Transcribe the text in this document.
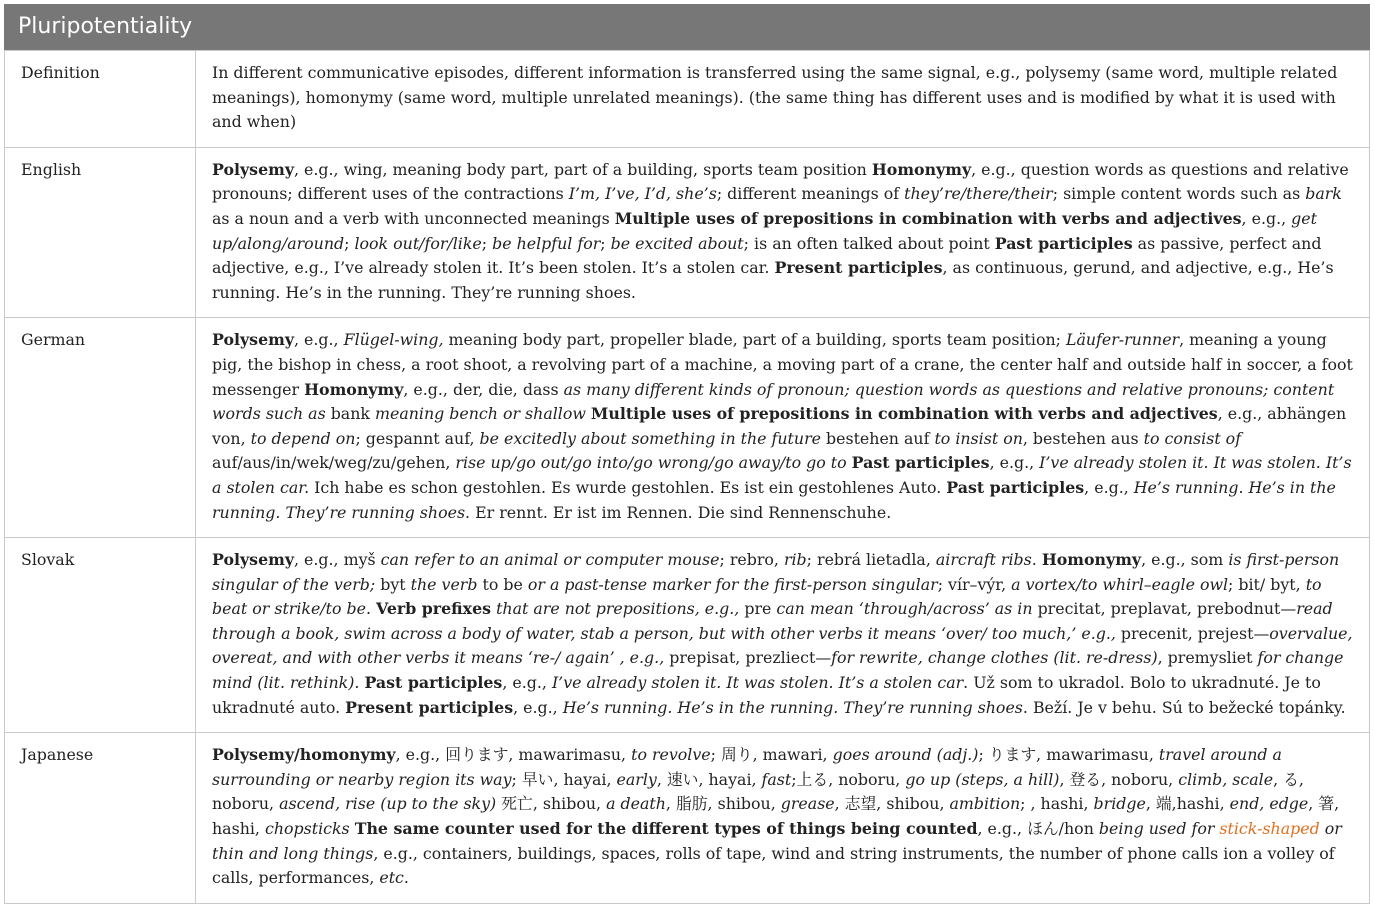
Pluripotentiality
Definition	In different communicative episodes, different information is transferred using the same signal, e.g., polysemy (same word, multiple related meanings), homonymy (same word, multiple unrelated meanings). (the same thing has different uses and is modified by what it is used with and when)
English	Polysemy, e.g., wing, meaning body part, part of a building, sports team position Homonymy, e.g., question words as questions and relative pronouns; different uses of the contractions I’m, I’ve, I’d, she’s; different meanings of they’re/there/their; simple content words such as bark as a noun and a verb with unconnected meanings Multiple uses of prepositions in combination with verbs and adjectives, e.g., get up/along/around; look out/for/like; be helpful for; be excited about; is an often talked about point Past participles as passive, perfect and adjective, e.g., I’ve already stolen it. It’s been stolen. It’s a stolen car. Present participles, as continuous, gerund, and adjective, e.g., He’s running. He’s in the running. They’re running shoes.
German	Polysemy, e.g., Flügel-wing, meaning body part, propeller blade, part of a building, sports team position; Läufer-runner, meaning a young pig, the bishop in chess, a root shoot, a revolving part of a machine, a moving part of a crane, the center half and outside half in soccer, a foot messenger Homonymy, e.g., der, die, dass as many different kinds of pronoun; question words as questions and relative pronouns; content words such as bank meaning bench or shallow Multiple uses of prepositions in combination with verbs and adjectives, e.g., abhängen von, to depend on; gespannt auf, be excitedly about something in the future bestehen auf to insist on, bestehen aus to consist of auf/aus/in/wek/weg/zu/gehen, rise up/go out/go into/go wrong/go away/to go to Past participles, e.g., I’ve already stolen it. It was stolen. It’s a stolen car. Ich habe es schon gestohlen. Es wurde gestohlen. Es ist ein gestohlenes Auto. Past participles, e.g., He’s running. He’s in the running. They’re running shoes. Er rennt. Er ist im Rennen. Die sind Rennenschuhe.
Slovak	Polysemy, e.g., myš can refer to an animal or computer mouse; rebro, rib; rebrá lietadla, aircraft ribs. Homonymy, e.g., som is first-person singular of the verb; byt the verb to be or a past-tense marker for the first-person singular; vír–výr, a vortex/to whirl–eagle owl; bit/ byt, to beat or strike/to be. Verb prefixes that are not prepositions, e.g., pre can mean ‘through/across’ as in precitat, preplavat, prebodnut—read through a book, swim across a body of water, stab a person, but with other verbs it means ‘over/ too much,’ e.g., precenit, prejest—overvalue, overeat, and with other verbs it means ‘re-/ again’ , e.g., prepisat, prezliect—for rewrite, change clothes (lit. re-dress), premysliet for change mind (lit. rethink). Past participles, e.g., I’ve already stolen it. It was stolen. It’s a stolen car. Už som to ukradol. Bolo to ukradnuté. Je to ukradnuté auto. Present participles, e.g., He’s running. He’s in the running. They’re running shoes. Beží. Je v behu. Sú to bežecké topánky.
Japanese	Polysemy/homonymy, e.g., 回ります, mawarimasu, to revolve; 周り, mawari, goes around (adj.); ります, mawarimasu, travel around a surrounding or nearby region its way; 早い, hayai, early, 速い, hayai, fast;上る, noboru, go up (steps, a hill), 登る, noboru, climb, scale, る, noboru, ascend, rise (up to the sky) 死亡, shibou, a death, 脂肪, shibou, grease, 志望, shibou, ambition; , hashi, bridge, 端,hashi, end, edge, 箸, hashi, chopsticks The same counter used for the different types of things being counted, e.g., ほん/hon being used for stick-shaped or thin and long things, e.g., containers, buildings, spaces, rolls of tape, wind and string instruments, the number of phone calls ion a volley of calls, performances, etc.
